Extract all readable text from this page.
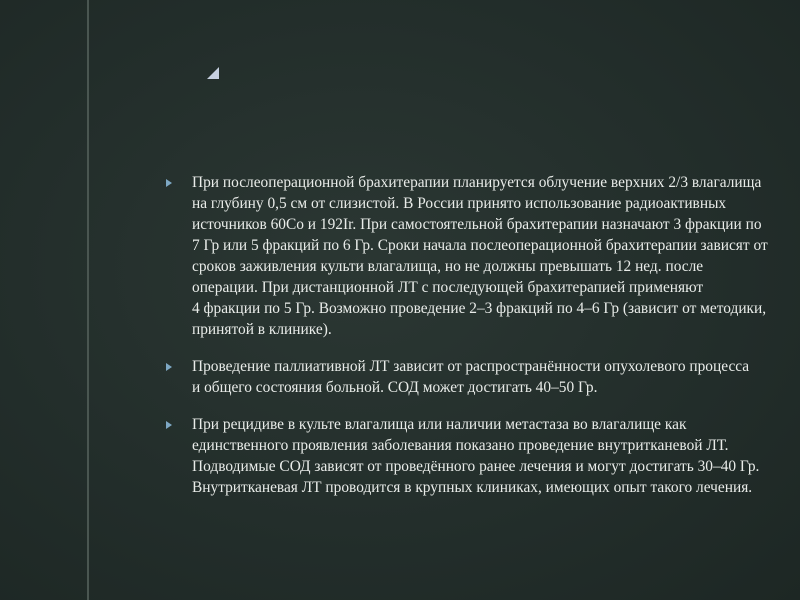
При послеоперационной брахитерапии планируется облучение верхних 2/3 влагалища
на глубину 0,5 см от слизистой. В России принято использование радиоактивных
источников 60Co и 192Ir. При самостоятельной брахитерапии назначают 3 фракции по
7 Гр или 5 фракций по 6 Гр. Сроки начала послеоперационной брахитерапии зависят от
сроков заживления культи влагалища, но не должны превышать 12 нед. после
операции. При дистанционной ЛТ с последующей брахитерапией применяют
4 фракции по 5 Гр. Возможно проведение 2–3 фракций по 4–6 Гр (зависит от методики,
принятой в клинике).
Проведение паллиативной ЛТ зависит от распространённости опухолевого процесса
и общего состояния больной. СОД может достигать 40–50 Гр.
При рецидиве в культе влагалища или наличии метастаза во влагалище как
единственного проявления заболевания показано проведение внутритканевой ЛТ.
Подводимые СОД зависят от проведённого ранее лечения и могут достигать 30–40 Гр.
Внутритканевая ЛТ проводится в крупных клиниках, имеющих опыт такого лечения.
